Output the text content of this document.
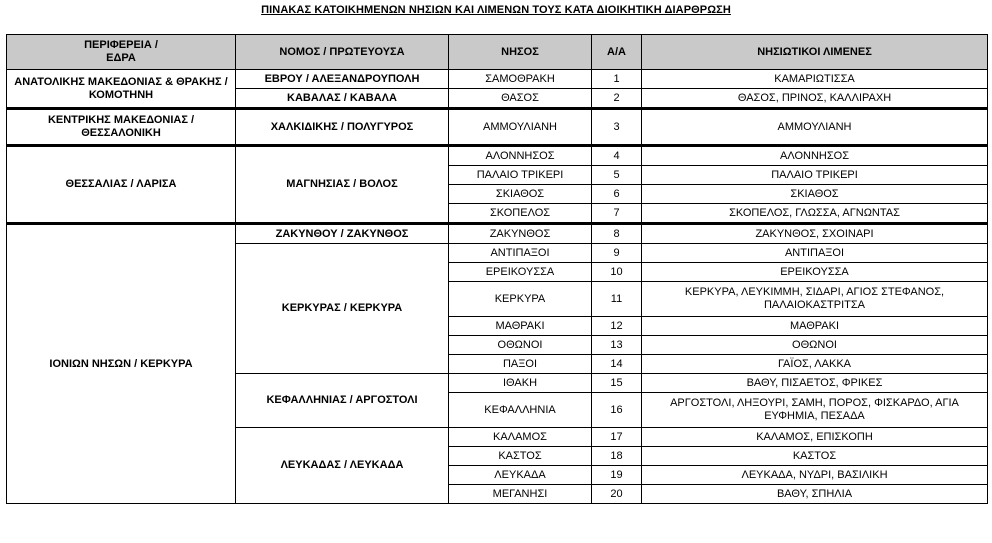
ΠΙΝΑΚΑΣ ΚΑΤΟΙΚΗΜΕΝΩΝ ΝΗΣΙΩΝ ΚΑΙ ΛΙΜΕΝΩΝ ΤΟΥΣ ΚΑΤΑ ΔΙΟΙΚΗΤΙΚΗ ΔΙΑΡΘΡΩΣΗ
ΠΕΡΙΦΕΡΕΙΑ /
ΕΔΡΑ	ΝΟΜΟΣ / ΠΡΩΤΕΥΟΥΣΑ	ΝΗΣΟΣ	Α/Α	ΝΗΣΙΩΤΙΚΟΙ ΛΙΜΕΝΕΣ
ΑΝΑΤΟΛΙΚΗΣ ΜΑΚΕΔΟΝΙΑΣ & ΘΡΑΚΗΣ / ΚΟΜΟΤΗΝΗ	ΕΒΡΟΥ / ΑΛΕΞΑΝΔΡΟΥΠΟΛΗ	ΣΑΜΟΘΡΑΚΗ	1	ΚΑΜΑΡΙΩΤΙΣΣΑ
	ΚΑΒΑΛΑΣ / ΚΑΒΑΛΑ	ΘΑΣΟΣ	2	ΘΑΣΟΣ, ΠΡΙΝΟΣ, ΚΑΛΛΙΡΑΧΗ
ΚΕΝΤΡΙΚΗΣ ΜΑΚΕΔΟΝΙΑΣ / ΘΕΣΣΑΛΟΝΙΚΗ	ΧΑΛΚΙΔΙΚΗΣ / ΠΟΛΥΓΥΡΟΣ	ΑΜΜΟΥΛΙΑΝΗ	3	ΑΜΜΟΥΛΙΑΝΗ
ΘΕΣΣΑΛΙΑΣ / ΛΑΡΙΣΑ	ΜΑΓΝΗΣΙΑΣ / ΒΟΛΟΣ	ΑΛΟΝΝΗΣΟΣ	4	ΑΛΟΝΝΗΣΟΣ
		ΠΑΛΑΙΟ ΤΡΙΚΕΡΙ	5	ΠΑΛΑΙΟ ΤΡΙΚΕΡΙ
		ΣΚΙΑΘΟΣ	6	ΣΚΙΑΘΟΣ
		ΣΚΟΠΕΛΟΣ	7	ΣΚΟΠΕΛΟΣ, ΓΛΩΣΣΑ, ΑΓΝΩΝΤΑΣ
ΙΟΝΙΩΝ ΝΗΣΩΝ / ΚΕΡΚΥΡΑ	ΖΑΚΥΝΘΟΥ / ΖΑΚΥΝΘΟΣ	ΖΑΚΥΝΘΟΣ	8	ΖΑΚΥΝΘΟΣ, ΣΧΟΙΝΑΡΙ
	ΚΕΡΚΥΡΑΣ / ΚΕΡΚΥΡΑ	ΑΝΤΙΠΑΞΟΙ	9	ΑΝΤΙΠΑΞΟΙ
		ΕΡΕΙΚΟΥΣΣΑ	10	ΕΡΕΙΚΟΥΣΣΑ
		ΚΕΡΚΥΡΑ	11	ΚΕΡΚΥΡΑ, ΛΕΥΚΙΜΜΗ, ΣΙΔΑΡΙ, ΑΓΙΟΣ ΣΤΕΦΑΝΟΣ, ΠΑΛΑΙΟΚΑΣΤΡΙΤΣΑ
		ΜΑΘΡΑΚΙ	12	ΜΑΘΡΑΚΙ
		ΟΘΩΝΟΙ	13	ΟΘΩΝΟΙ
		ΠΑΞΟΙ	14	ΓΑΪΟΣ, ΛΑΚΚΑ
	ΚΕΦΑΛΛΗΝΙΑΣ / ΑΡΓΟΣΤΟΛΙ	ΙΘΑΚΗ	15	ΒΑΘΥ, ΠΙΣΑΕΤΟΣ, ΦΡΙΚΕΣ
		ΚΕΦΑΛΛΗΝΙΑ	16	ΑΡΓΟΣΤΟΛΙ, ΛΗΞΟΥΡΙ, ΣΑΜΗ, ΠΟΡΟΣ, ΦΙΣΚΑΡΔΟ, ΑΓΙΑ ΕΥΦΗΜΙΑ, ΠΕΣΑΔΑ
	ΛΕΥΚΑΔΑΣ / ΛΕΥΚΑΔΑ	ΚΑΛΑΜΟΣ	17	ΚΑΛΑΜΟΣ, ΕΠΙΣΚΟΠΗ
		ΚΑΣΤΟΣ	18	ΚΑΣΤΟΣ
		ΛΕΥΚΑΔΑ	19	ΛΕΥΚΑΔΑ, ΝΥΔΡΙ, ΒΑΣΙΛΙΚΗ
		ΜΕΓΑΝΗΣΙ	20	ΒΑΘΥ, ΣΠΗΛΙΑ
